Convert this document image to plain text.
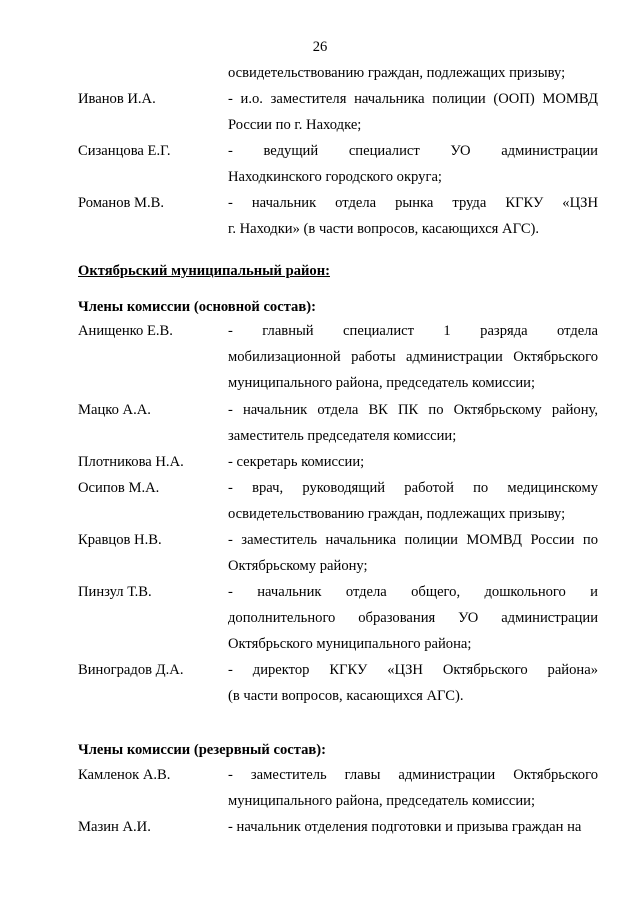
26
освидетельствованию граждан, подлежащих призыву;
Иванов И.А.	- и.о. заместителя начальника полиции (ООП) МОМВД
России по г. Находке;
Сизанцова Е.Г.	- ведущий специалист УО администрации
Находкинского городского округа;
Романов М.В.	- начальник отдела рынка труда КГКУ «ЦЗН
г. Находки» (в части вопросов, касающихся АГС).
Октябрьский муниципальный район:
Члены комиссии (основной состав):
Анищенко Е.В.	- главный специалист 1 разряда отдела
мобилизационной работы администрации Октябрьского
муниципального района, председатель комиссии;
Мацко А.А.	- начальник отдела ВК ПК по Октябрьскому району,
заместитель председателя комиссии;
Плотникова Н.А.	- секретарь комиссии;
Осипов М.А.	- врач, руководящий работой по медицинскому
освидетельствованию граждан, подлежащих призыву;
Кравцов Н.В.	- заместитель начальника полиции МОМВД России по
Октябрьскому району;
Пинзул Т.В.	- начальник отдела общего, дошкольного и
дополнительного образования УО администрации
Октябрьского муниципального района;
Виноградов Д.А.	- директор КГКУ «ЦЗН Октябрьского района»
(в части вопросов, касающихся АГС).
Члены комиссии (резервный состав):
Камленок А.В.	- заместитель главы администрации Октябрьского
муниципального района, председатель комиссии;
Мазин А.И.	- начальник отделения подготовки и призыва граждан на
